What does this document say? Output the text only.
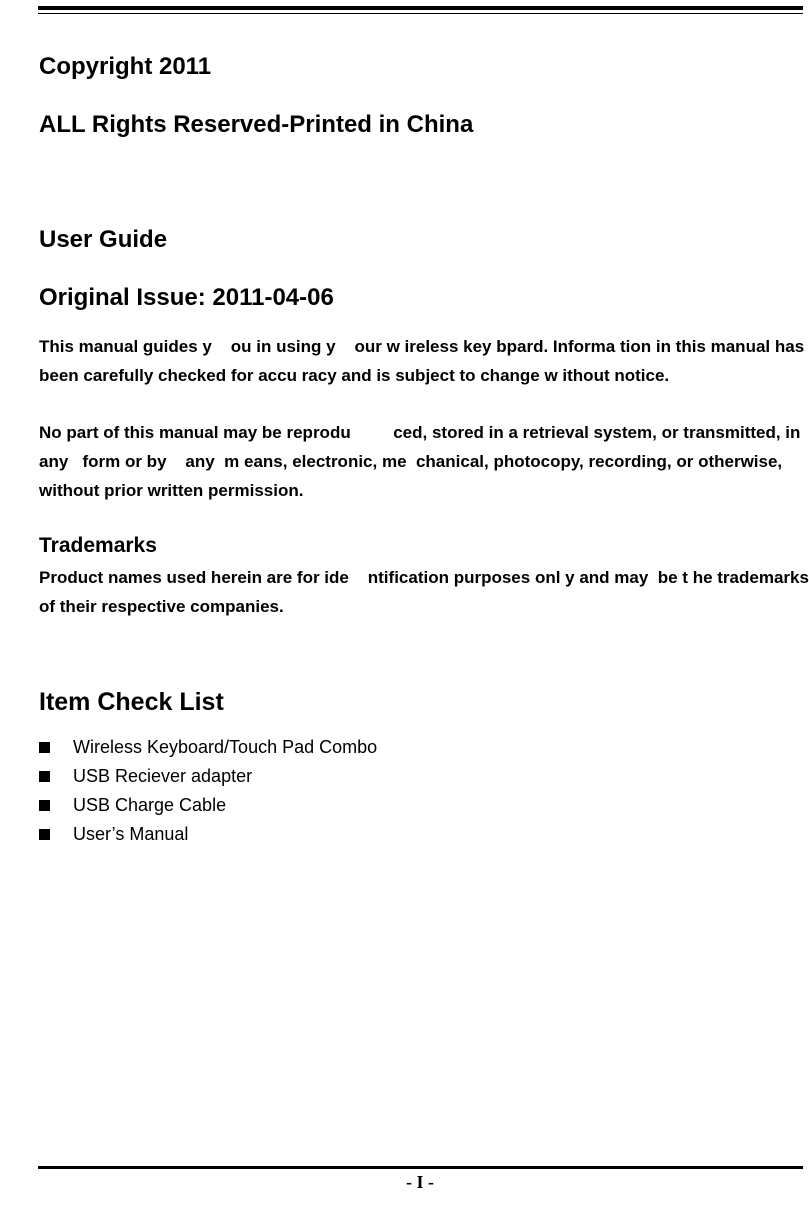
Copyright 2011
ALL Rights Reserved-Printed in China
User Guide
Original Issue: 2011-04-06

This manual guides y    ou in using y    our w ireless key bpard. Informa tion in this manual has been carefully checked for accu racy and is subject to change w ithout notice.

No part of this manual may be reprodu         ced, stored in a retrieval system, or transmitted, in any   form or by    any  m eans, electronic, me  chanical, photocopy, recording, or otherwise, without prior written permission.

Trademarks

Product names used herein are for ide    ntification purposes onl y and may  be t he trademarks of their respective companies.

Item Check List
Wireless Keyboard/Touch Pad Combo
USB Reciever adapter
USB Charge Cable
User’s Manual
- I -
